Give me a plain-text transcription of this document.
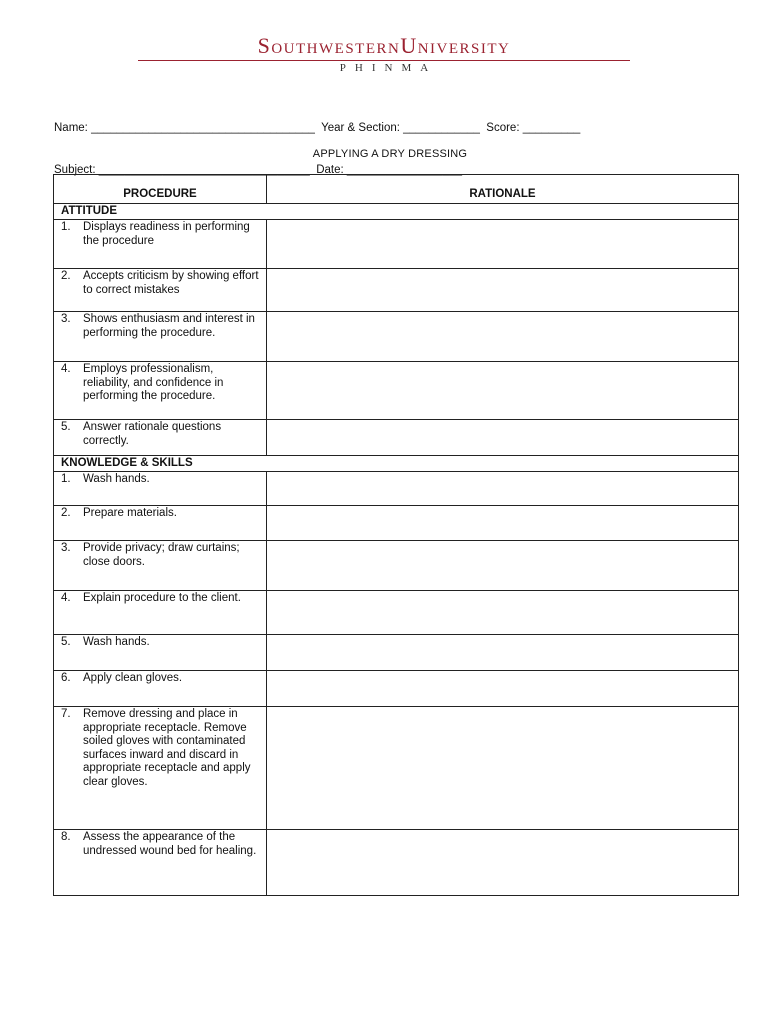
SouthwesternUniversity
PHINMA

Name: ___________________________________  Year & Section: ____________  Score: _________

Subject: _________________________________  Date: __________________

APPLYING A DRY DRESSING
PROCEDURE	RATIONALE
ATTITUDE	

1. Displays readiness in performing the procedure	

2. Accepts criticism by showing effort to correct mistakes	

3. Shows enthusiasm and interest in performing the procedure.	

4. Employs professionalism, reliability, and confidence in performing the procedure.	

5. Answer rationale questions correctly.	

KNOWLEDGE & SKILLS	

1. Wash hands.	

2. Prepare materials.	

3. Provide privacy; draw curtains; close doors.	

4. Explain procedure to the client.	

5. Wash hands.	

6. Apply clean gloves.	

7. Remove dressing and place in appropriate receptacle. Remove soiled gloves with contaminated surfaces inward and discard in appropriate receptacle and apply clear gloves.	

8. Assess the appearance of the undressed wound bed for healing.	
